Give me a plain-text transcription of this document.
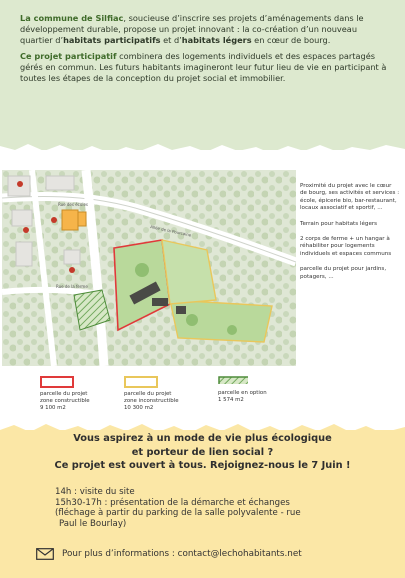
La commune de Silfiac, soucieuse d’inscrire ses projets d’aménagements dans le développement durable, propose un projet innovant : la co-création d’un nouveau quartier d’habitats participatifs et d’habitats légers en cœur de bourg.

Ce projet participatif combinera des logements individuels et des espaces partagés gérés en commun. Les futurs habitants imagineront leur futur lieu de vie en participant à toutes les étapes de la conception du projet social et immobilier.

Rue des écoles
Rue de la ferme
Allée de la Pourcaine
Proximité du projet avec le cœur de bourg, ses activités et services : école, épicerie bio, bar-restaurant, locaux associatif et sportif, ...
Terrain pour habitats légers
2 corps de ferme + un hangar à réhabiliter pour logements individuels et espaces communs
parcelle du projet pour jardins, potagers, ...
parcelle du projet
zone constructible
9 100 m2
parcelle du projet
zone inconstructible
10 300 m2
parcelle en option
1 574 m2
Vous aspirez à un mode de vie plus écologique
et porteur de lien social ?
Ce projet est ouvert à tous. Rejoignez-nous le 7 Juin !
14h : visite du site
15h30-17h : présentation de la démarche et échanges
(fléchage à partir du parking de la salle polyvalente - rue
Paul le Bourlay)
Pour plus d’informations : contact@lechohabitants.net
